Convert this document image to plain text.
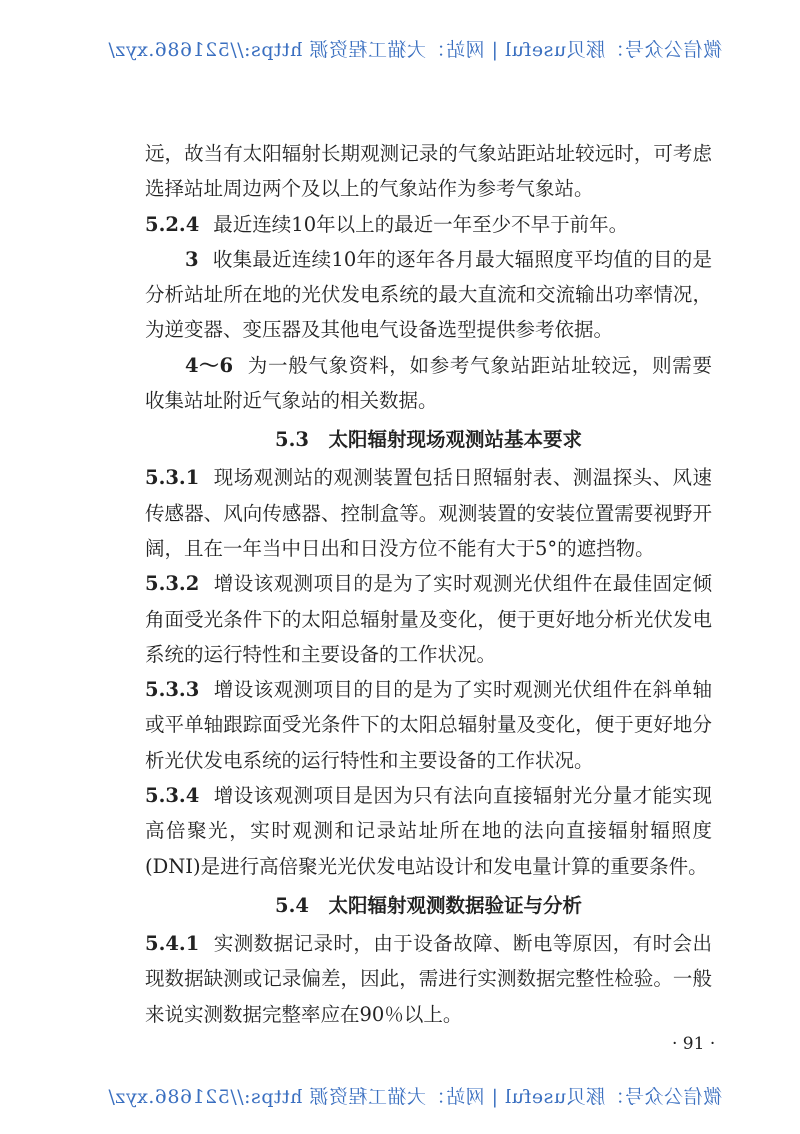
微信公众号：豚贝useful | 网站：大猫工程资源 https://521686.xyz/

远，故当有太阳辐射长期观测记录的气象站距站址较远时，可考虑选择站址周边两个及以上的气象站作为参考气象站。

5.2.4 最近连续10年以上的最近一年至少不早于前年。

3 收集最近连续10年的逐年各月最大辐照度平均值的目的是分析站址所在地的光伏发电系统的最大直流和交流输出功率情况，为逆变器、变压器及其他电气设备选型提供参考依据。

4～6 为一般气象资料，如参考气象站距站址较远，则需要收集站址附近气象站的相关数据。

5.3　太阳辐射现场观测站基本要求

5.3.1 现场观测站的观测装置包括日照辐射表、测温探头、风速传感器、风向传感器、控制盒等。观测装置的安装位置需要视野开阔，且在一年当中日出和日没方位不能有大于5°的遮挡物。

5.3.2 增设该观测项目的是为了实时观测光伏组件在最佳固定倾角面受光条件下的太阳总辐射量及变化，便于更好地分析光伏发电系统的运行特性和主要设备的工作状况。

5.3.3 增设该观测项目的目的是为了实时观测光伏组件在斜单轴或平单轴跟踪面受光条件下的太阳总辐射量及变化，便于更好地分析光伏发电系统的运行特性和主要设备的工作状况。

5.3.4 增设该观测项目是因为只有法向直接辐射光分量才能实现高倍聚光，实时观测和记录站址所在地的法向直接辐射辐照度(DNI)是进行高倍聚光光伏发电站设计和发电量计算的重要条件。

5.4　太阳辐射观测数据验证与分析

5.4.1 实测数据记录时，由于设备故障、断电等原因，有时会出现数据缺测或记录偏差，因此，需进行实测数据完整性检验。一般来说实测数据完整率应在90％以上。

· 91 ·
微信公众号：豚贝useful | 网站：大猫工程资源 https://521686.xyz/
